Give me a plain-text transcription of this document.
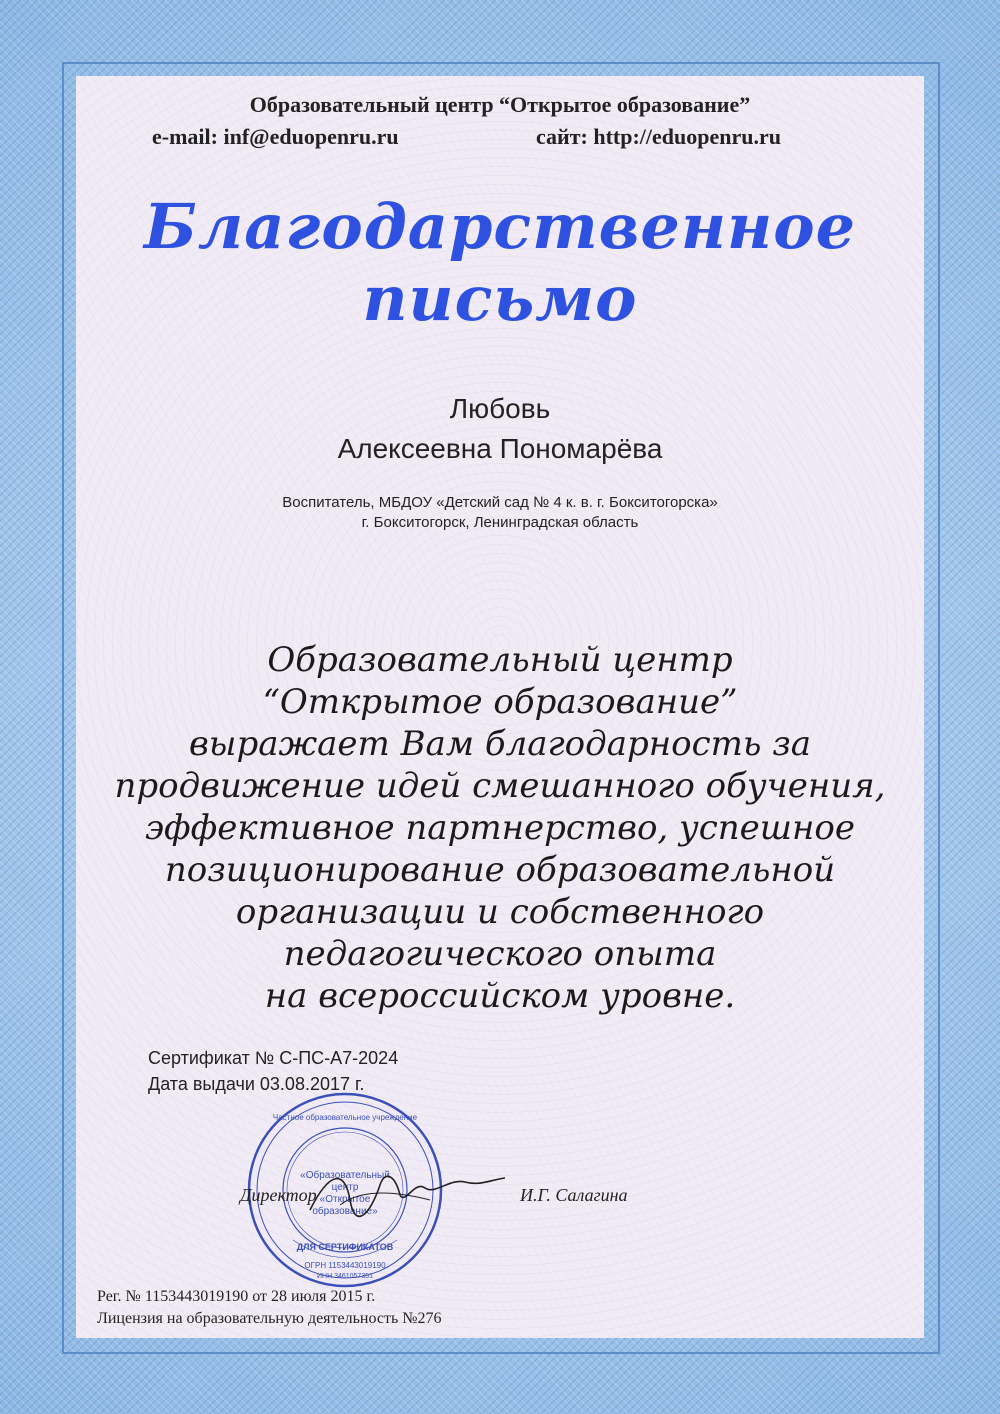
Образовательный центр “Открытое образование”
e-mail: inf@eduopenru.ru	сайт: http://eduopenru.ru
Благодарственное
письмо
Любовь
Алексеевна Пономарёва
Воспитатель, МБДОУ «Детский сад № 4 к. в. г. Бокситогорска»
г. Бокситогорск, Ленинградская область
Образовательный центр
“Открытое образование”
выражает Вам благодарность за
продвижение идей смешанного обучения,
эффективное партнерство, успешное
позиционирование образовательной
организации и собственного
педагогического опыта
на всероссийском уровне.
Сертификат № С-ПС-А7-2024
Дата выдачи 03.08.2017 г.
«Образовательный
центр
«Открытое
образование»
ДЛЯ СЕРТИФИКАТОВ
Частное образовательное учреждение
ОГРН 1153443019190
ИНН 3461057351
Директор	И.Г. Салагина
Рег. № 1153443019190 от 28 июля 2015 г.
Лицензия на образовательную деятельность №276
